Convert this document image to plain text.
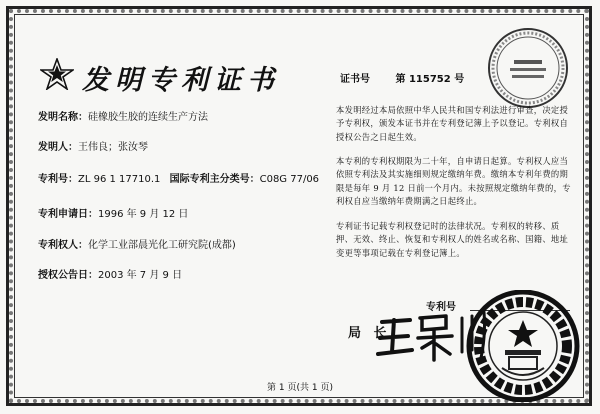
发明专利证书	证书号	第 115752 号
发明名称：硅橡胶生胶的连续生产方法
发明人：王伟良；张汝琴
专利号：ZL 96 1 17710.1 国际专利主分类号：C08G 77/06
专利申请日：1996 年 9 月 12 日
专利权人：化学工业部晨光化工研究院(成都)
授权公告日：2003 年 7 月 9 日
本发明经过本局依照中华人民共和国专利法进行审查，决定授予专利权，颁发本证书并在专利登记簿上予以登记。专利权自授权公告之日起生效。
本专利的专利权期限为二十年，自申请日起算。专利权人应当依照专利法及其实施细则规定缴纳年费。缴纳本专利年费的期限是每年 9 月 12 日前一个月内。未按照规定缴纳年费的，专利权自应当缴纳年费期满之日起终止。
专利证书记载专利权登记时的法律状况。专利权的转移、质押、无效、终止、恢复和专利权人的姓名或名称、国籍、地址变更等事项记载在专利登记簿上。
专利号
局 长
第 1 页(共 1 页)
